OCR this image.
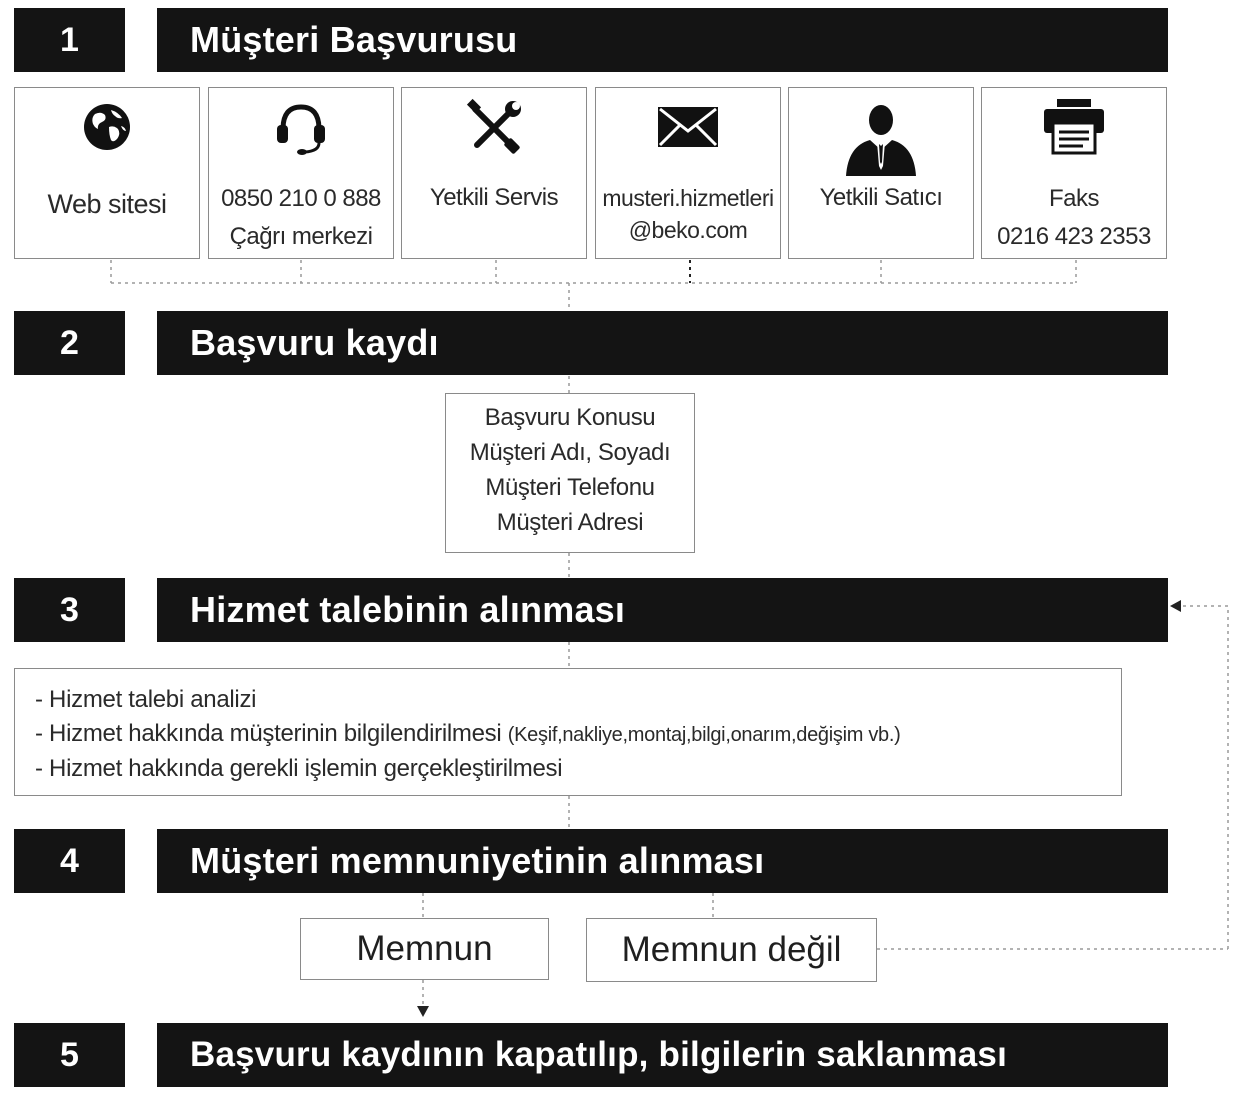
1	Müşteri Başvurusu
Web sitesi	0850 210 0 888
Çağrı merkezi
Yetkili Servis	musteri.hizmetleri
@beko.com
Yetkili Satıcı	Faks
0216 423 2353
2	Başvuru kaydı
Başvuru Konusu
Müşteri Adı, Soyadı
Müşteri Telefonu
Müşteri Adresi
3	Hizmet talebinin alınması
- Hizmet talebi analizi
- Hizmet hakkında müşterinin bilgilendirilmesi (Keşif,nakliye,montaj,bilgi,onarım,değişim vb.)
- Hizmet hakkında gerekli işlemin gerçekleştirilmesi
4	Müşteri memnuniyetinin alınması
Memnun	Memnun değil
5	Başvuru kaydının kapatılıp, bilgilerin saklanması
